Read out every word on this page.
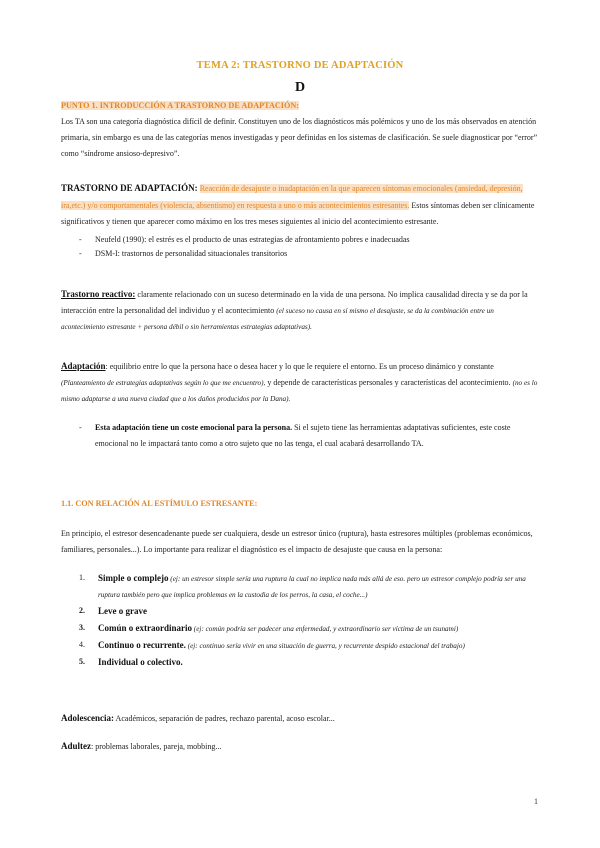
TEMA 2: TRASTORNO DE ADAPTACIÓN
D
PUNTO 1. INTRODUCCIÓN A TRASTORNO DE ADAPTACIÓN:

Los TA son una categoría diagnóstica difícil de definir. Constituyen uno de los diagnósticos más polémicos y uno de los más observados en atención primaria, sin embargo es una de las categorías menos investigadas y peor definidas en los sistemas de clasificación. Se suele diagnosticar por “error” como “síndrome ansioso-depresivo”.

TRASTORNO DE ADAPTACIÓN: Reacción de desajuste o inadaptación en la que aparecen síntomas emocionales (ansiedad, depresión, ira,etc.) y/o comportamentales (violencia, absentismo) en respuesta a uno o más acontecimientos estresantes. Estos síntomas deben ser clínicamente significativos y tienen que aparecer como máximo en los tres meses siguientes al inicio del acontecimiento estresante.

- Neufeld (1990): el estrés es el producto de unas estrategias de afrontamiento pobres e inadecuadas
- DSM-I: trastornos de personalidad situacionales transitorios

Trastorno reactivo: claramente relacionado con un suceso determinado en la vida de una persona. No implica causalidad directa y se da por la interacción entre la personalidad del individuo y el acontecimiento (el suceso no causa en sí mismo el desajuste, se da la combinación entre un acontecimiento estresante + persona débil o sin herramientas estrategias adaptativas).

Adaptación: equilibrio entre lo que la persona hace o desea hacer y lo que le requiere el entorno. Es un proceso dinámico y constante (Planteamiento de estrategias adaptativas según lo que me encuentro), y depende de características personales y características del acontecimiento. (no es lo mismo adaptarse a una nueva ciudad que a los daños producidos por la Dana).

- Esta adaptación tiene un coste emocional para la persona. Si el sujeto tiene las herramientas adaptativas suficientes, este coste emocional no le impactará tanto como a otro sujeto que no las tenga, el cual acabará desarrollando TA.
1.1. CON RELACIÓN AL ESTÍMULO ESTRESANTE:

En principio, el estresor desencadenante puede ser cualquiera, desde un estresor único (ruptura), hasta estresores múltiples (problemas económicos, familiares, personales...). Lo importante para realizar el diagnóstico es el impacto de desajuste que causa en la persona:

1. Simple o complejo (ej: un estresor simple sería una ruptura la cual no implica nada más allá de eso. pero un estresor complejo podría ser una ruptura también pero que implica problemas en la custodia de los perros, la casa, el coche...)
2. Leve o grave
3. Común o extraordinario (ej: común podría ser padecer una enfermedad, y extraordinario ser víctima de un tsunami)
4. Continuo o recurrente. (ej: continuo sería vivir en una situación de guerra, y recurrente despido estacional del trabajo)
5. Individual o colectivo.

Adolescencia: Académicos, separación de padres, rechazo parental, acoso escolar...

Adultez: problemas laborales, pareja, mobbing...

1
